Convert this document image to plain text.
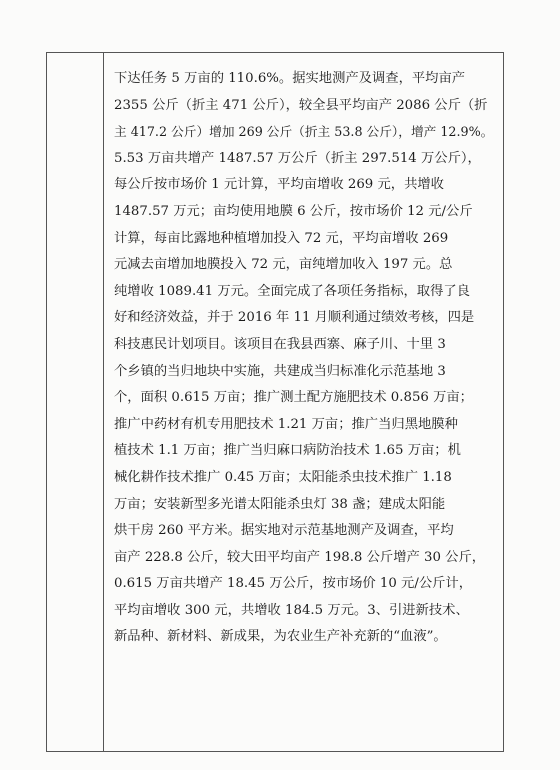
下达任务 5 万亩的 110.6%。据实地测产及调查，平均亩产
2355 公斤（折主 471 公斤），较全县平均亩产 2086 公斤（折
主 417.2 公斤）增加 269 公斤（折主 53.8 公斤），增产 12.9%。
5.53 万亩共增产 1487.57 万公斤（折主 297.514 万公斤），
每公斤按市场价 1 元计算，平均亩增收 269 元，共增收
1487.57 万元；亩均使用地膜 6 公斤，按市场价 12 元/公斤
计算，每亩比露地种植增加投入 72 元，平均亩增收 269
元减去亩增加地膜投入 72 元，亩纯增加收入 197 元。总
纯增收 1089.41 万元。全面完成了各项任务指标，取得了良
好和经济效益，并于 2016 年 11 月顺利通过绩效考核，四是
科技惠民计划项目。该项目在我县西寨、麻子川、十里 3
个乡镇的当归地块中实施，共建成当归标准化示范基地 3
个，面积 0.615 万亩；推广测土配方施肥技术 0.856 万亩；
推广中药材有机专用肥技术 1.21 万亩；推广当归黑地膜种
植技术 1.1 万亩；推广当归麻口病防治技术 1.65 万亩；机
械化耕作技术推广 0.45 万亩；太阳能杀虫技术推广 1.18
万亩；安装新型多光谱太阳能杀虫灯 38 盏；建成太阳能
烘干房 260 平方米。据实地对示范基地测产及调查，平均
亩产 228.8 公斤，较大田平均亩产 198.8 公斤增产 30 公斤，
0.615 万亩共增产 18.45 万公斤，按市场价 10 元/公斤计，
平均亩增收 300 元，共增收 184.5 万元。3、引进新技术、
新品种、新材料、新成果，为农业生产补充新的“血液”。
